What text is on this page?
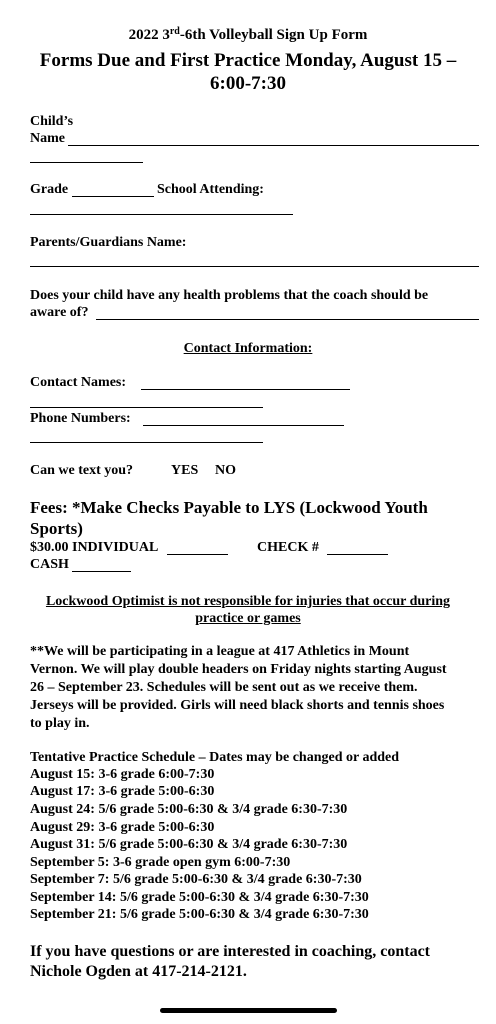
2022 3rd-6th Volleyball Sign Up Form
Forms Due and First Practice Monday, August 15 –
6:00-7:30
Child’s
Name
Grade	School Attending:
Parents/Guardians Name:
Does your child have any health problems that the coach should be
aware of?
Contact Information:
Contact Names:
Phone Numbers:
Can we text you?	YES NO
Fees: *Make Checks Payable to LYS (Lockwood Youth
Sports)
$30.00 INDIVIDUAL	CHECK #
CASH
Lockwood Optimist is not responsible for injuries that occur during
practice or games
**We will be participating in a league at 417 Athletics in Mount
Vernon. We will play double headers on Friday nights starting August
26 – September 23. Schedules will be sent out as we receive them.
Jerseys will be provided. Girls will need black shorts and tennis shoes
to play in.
Tentative Practice Schedule – Dates may be changed or added
August 15: 3-6 grade 6:00-7:30
August 17: 3-6 grade 5:00-6:30
August 24: 5/6 grade 5:00-6:30 & 3/4 grade 6:30-7:30
August 29: 3-6 grade 5:00-6:30
August 31: 5/6 grade 5:00-6:30 & 3/4 grade 6:30-7:30
September 5: 3-6 grade open gym 6:00-7:30
September 7: 5/6 grade 5:00-6:30 & 3/4 grade 6:30-7:30
September 14: 5/6 grade 5:00-6:30 & 3/4 grade 6:30-7:30
September 21: 5/6 grade 5:00-6:30 & 3/4 grade 6:30-7:30
If you have questions or are interested in coaching, contact
Nichole Ogden at 417-214-2121.
